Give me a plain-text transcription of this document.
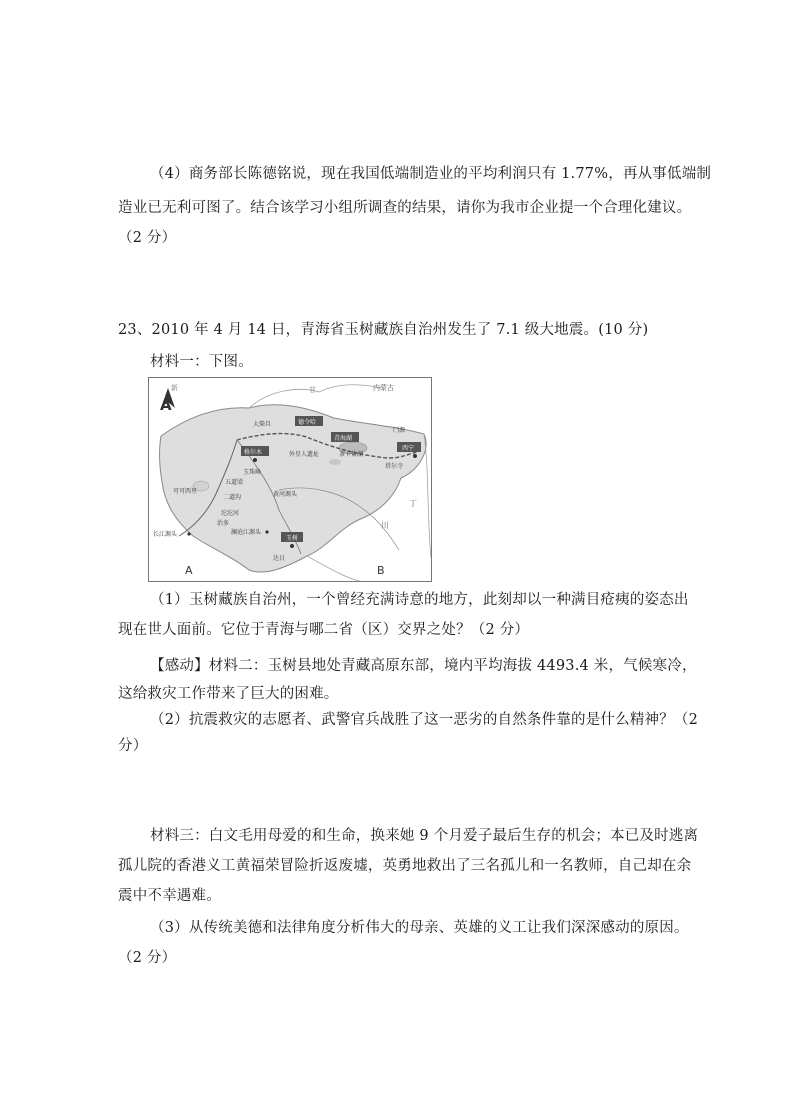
（4）商务部长陈德铭说，现在我国低端制造业的平均利润只有 1.77%，再从事低端制
造业已无利可图了。结合该学习小组所调查的结果，请你为我市企业提一个合理化建议。
（2 分）
23、2010 年 4 月 14 日，青海省玉树藏族自治州发生了 7.1 级大地震。(10 分)
材料一：下图。
A
内蒙古
新	甘
大柴旦	德令哈
青海湖
门源
西宁
格尔木	外星人遗址	茶卡盐湖
塔尔寺
玉珠峰
五道梁
可可西里
二道沟	黄河源头
沱沱河
治多
长江源头	澜沧江源头
玉树
达日
川
丁
A	B
（1）玉树藏族自治州，一个曾经充满诗意的地方，此刻却以一种满目疮痍的姿态出
现在世人面前。它位于青海与哪二省（区）交界之处？（2 分）
【感动】材料二：玉树县地处青藏高原东部，境内平均海拔 4493.4 米，气候寒冷，
这给救灾工作带来了巨大的困难。
（2）抗震救灾的志愿者、武警官兵战胜了这一恶劣的自然条件靠的是什么精神？（2
分）
材料三：白文毛用母爱的和生命，换来她 9 个月爱子最后生存的机会；本已及时逃离
孤儿院的香港义工黄福荣冒险折返废墟，英勇地救出了三名孤儿和一名教师，自己却在余
震中不幸遇难。
（3）从传统美德和法律角度分析伟大的母亲、英雄的义工让我们深深感动的原因。
（2 分）
